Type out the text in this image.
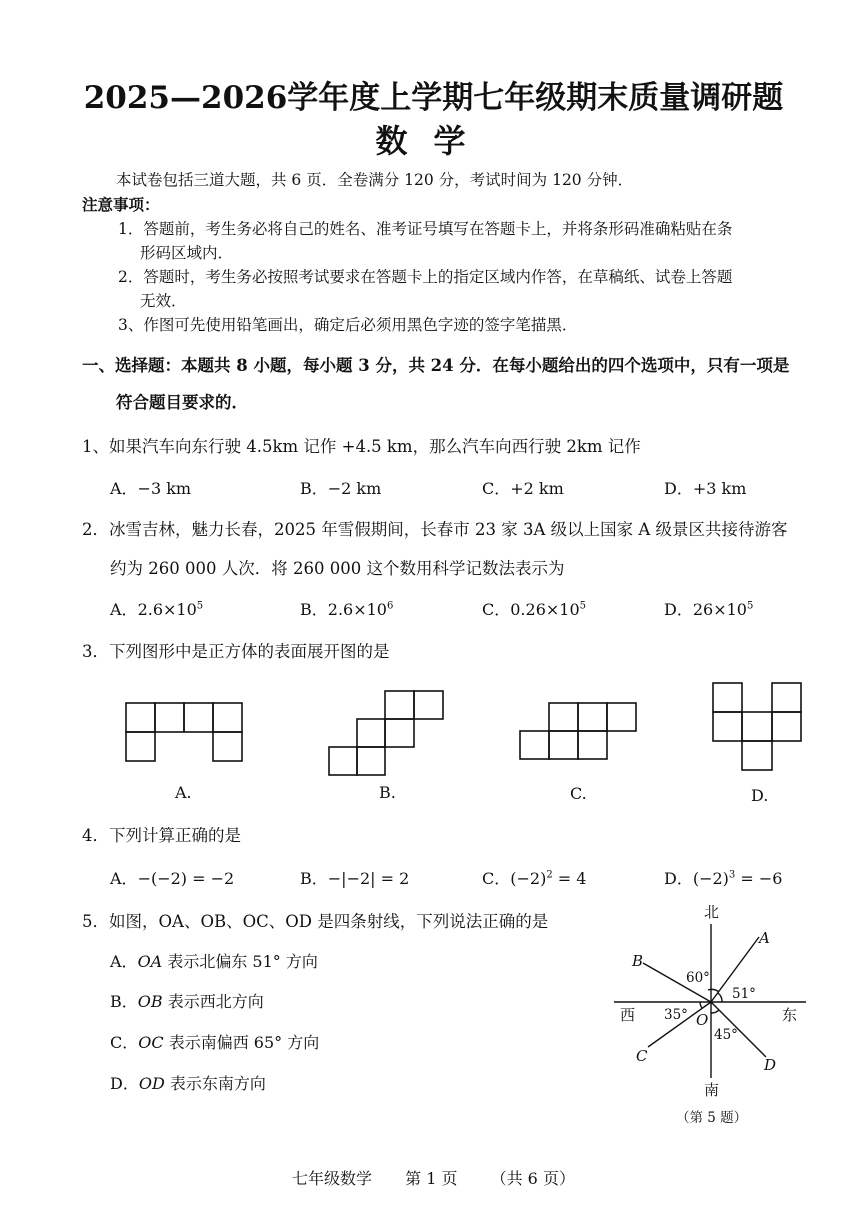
2025—2026学年度上学期七年级期末质量调研题
数学
本试卷包括三道大题，共 6 页．全卷满分 120 分，考试时间为 120 分钟．
注意事项：
1．答题前，考生务必将自己的姓名、准考证号填写在答题卡上，并将条形码准确粘贴在条
形码区域内．
2．答题时，考生务必按照考试要求在答题卡上的指定区域内作答，在草稿纸、试卷上答题
无效．
3、作图可先使用铅笔画出，确定后必须用黑色字迹的签字笔描黑．
一、选择题：本题共 8 小题，每小题 3 分，共 24 分．在每小题给出的四个选项中，只有一项是
符合题目要求的．
1、如果汽车向东行驶 4.5km 记作 +4.5 km，那么汽车向西行驶 2km 记作
A．−3 km	B．−2 km	C．+2 km	D．+3 km
2．冰雪吉林，魅力长春，2025 年雪假期间，长春市 23 家 3A 级以上国家 A 级景区共接待游客
约为 260 000 人次．将 260 000 这个数用科学记数法表示为
A．$2.6\times 10^5$	B．$2.6\times 10^6$	C．$0.26\times 10^5$	D．$26\times 10^5$
3．下列图形中是正方体的表面展开图的是
A.	B.	C.	D.
4．下列计算正确的是
A．−(−2) = −2	B．−|−2| = 2	C．$(-2)^2 = 4$	D．$(-2)^3 = -6$
5．如图，OA、OB、OC、OD 是四条射线，下列说法正确的是
A．OA 表示北偏东 51° 方向
B．OB 表示西北方向
C．OC 表示南偏西 65° 方向
D．OD 表示东南方向
北
南
西	东
A
B
C	D
O
60°
51°
35°
45°
（第 5 题）
七年级数学 第 1 页 （共 6 页）
